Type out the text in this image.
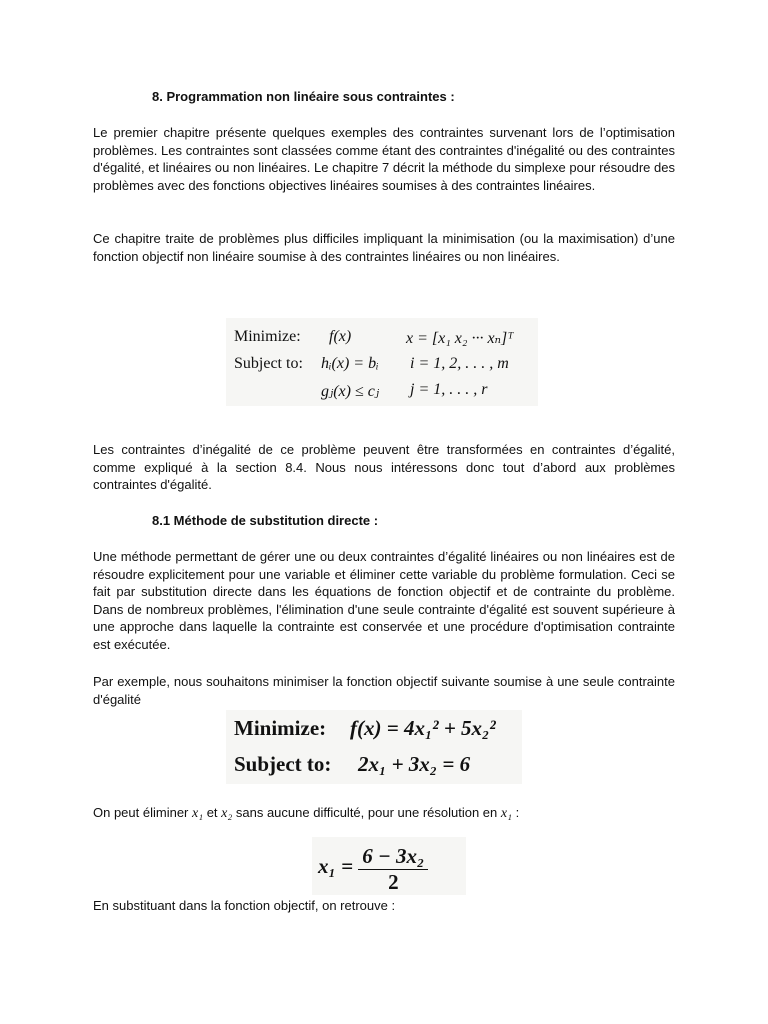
8. Programmation non linéaire sous contraintes :

Le premier chapitre présente quelques exemples des contraintes survenant lors de l’optimisation problèmes. Les contraintes sont classées comme étant des contraintes d'inégalité ou des contraintes d'égalité, et linéaires ou non linéaires. Le chapitre 7 décrit la méthode du simplexe pour résoudre des problèmes avec des fonctions objectives linéaires soumises à des contraintes linéaires.

Ce chapitre traite de problèmes plus difficiles impliquant la minimisation (ou la maximisation) d’une fonction objectif non linéaire soumise à des contraintes linéaires ou non linéaires.

Minimize: f(x)	x = [x₁ x₂ ··· xₙ]ᵀ
Subject to: hᵢ(x) = bᵢ i = 1, 2, . . . , m
gⱼ(x) ≤ cⱼ j = 1, . . . , r

Les contraintes d’inégalité de ce problème peuvent être transformées en contraintes d’égalité, comme expliqué à la section 8.4. Nous nous intéressons donc tout d’abord aux problèmes contraintes d'égalité.

8.1 Méthode de substitution directe :

Une méthode permettant de gérer une ou deux contraintes d’égalité linéaires ou non linéaires est de résoudre explicitement pour une variable et éliminer cette variable du problème formulation. Ceci se fait par substitution directe dans les équations de fonction objectif et de contrainte du problème. Dans de nombreux problèmes, l'élimination d'une seule contrainte d'égalité est souvent supérieure à une approche dans laquelle la contrainte est conservée et une procédure d'optimisation contrainte est exécutée.

Par exemple, nous souhaitons minimiser la fonction objectif suivante soumise à une seule contrainte d'égalité

Minimize: f(x) = 4x₁² + 5x₂²
Subject to: 2x₁ + 3x₂ = 6

On peut éliminer x₁ et x₂ sans aucune difficulté, pour une résolution en x₁ :

$x_1 = \frac{\text{6 − 3x₂}}{2}$

En substituant dans la fonction objectif, on retrouve :
